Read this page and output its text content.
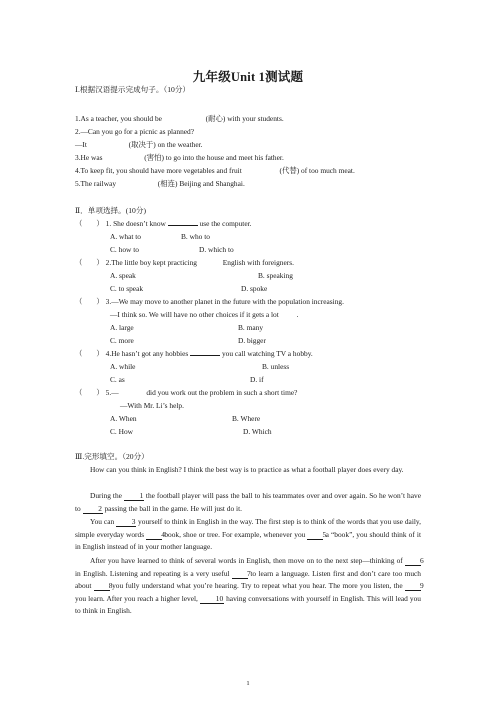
九年级Unit 1测试题
Ⅰ.根据汉语提示完成句子。（10分）
1.As a teacher, you should be	(耐心) with your students.
2.—Can you go for a picnic as planned?
—It	(取决于) on the weather.
3.He was	(害怕) to go into the house and meet his father.
4.To keep fit, you should have more vegetables and fruit	(代替) of too much meat.
5.The railway	(相连) Beijing and Shanghai.
Ⅱ．单项选择。(10分)
（ ） 1. She doesn’t know	use the computer.
A. what to	B. who to
C. how to	D. which to
（ ） 2.The little boy kept practicing	English with foreigners.
A. speak	B. speaking
C. to speak	D. spoke
（ ） 3.—We may move to another planet in the future with the population increasing.
—I think so. We will have no other choices if it gets a lot .
A. large	B. many
C. more	D. bigger
（ ） 4.He hasn’t got any hobbies	you call watching TV a hobby.
A. while	B. unless
C. as	D. if
（ ） 5.—	did you work out the problem in such a short time?
—With Mr. Li’s help.
A. When	B. Where
C. How	D. Which
Ⅲ.完形填空。（20分）
How can you think in English? I think the best way is to practice as what a football player does every day.
During the 1 the football player will pass the ball to his teammates over and over again. So he won’t have to 2 passing the ball in the game. He will just do it.
You can 3 yourself to think in English in the way. The first step is to think of the words that you use daily, simple everyday words 4 book, shoe or tree. For example, whenever you 5 a “book”, you should think of it in English instead of in your mother language.
After you have learned to think of several words in English, then move on to the next step—thinking of 6 in English. Listening and repeating is a very useful 7 to learn a language. Listen first and don’t care too much about 8 you fully understand what you’re hearing. Try to repeat what you hear. The more you listen, the 9 you learn. After you reach a higher level, 10 having conversations with yourself in English. This will lead you to think in English.
1
